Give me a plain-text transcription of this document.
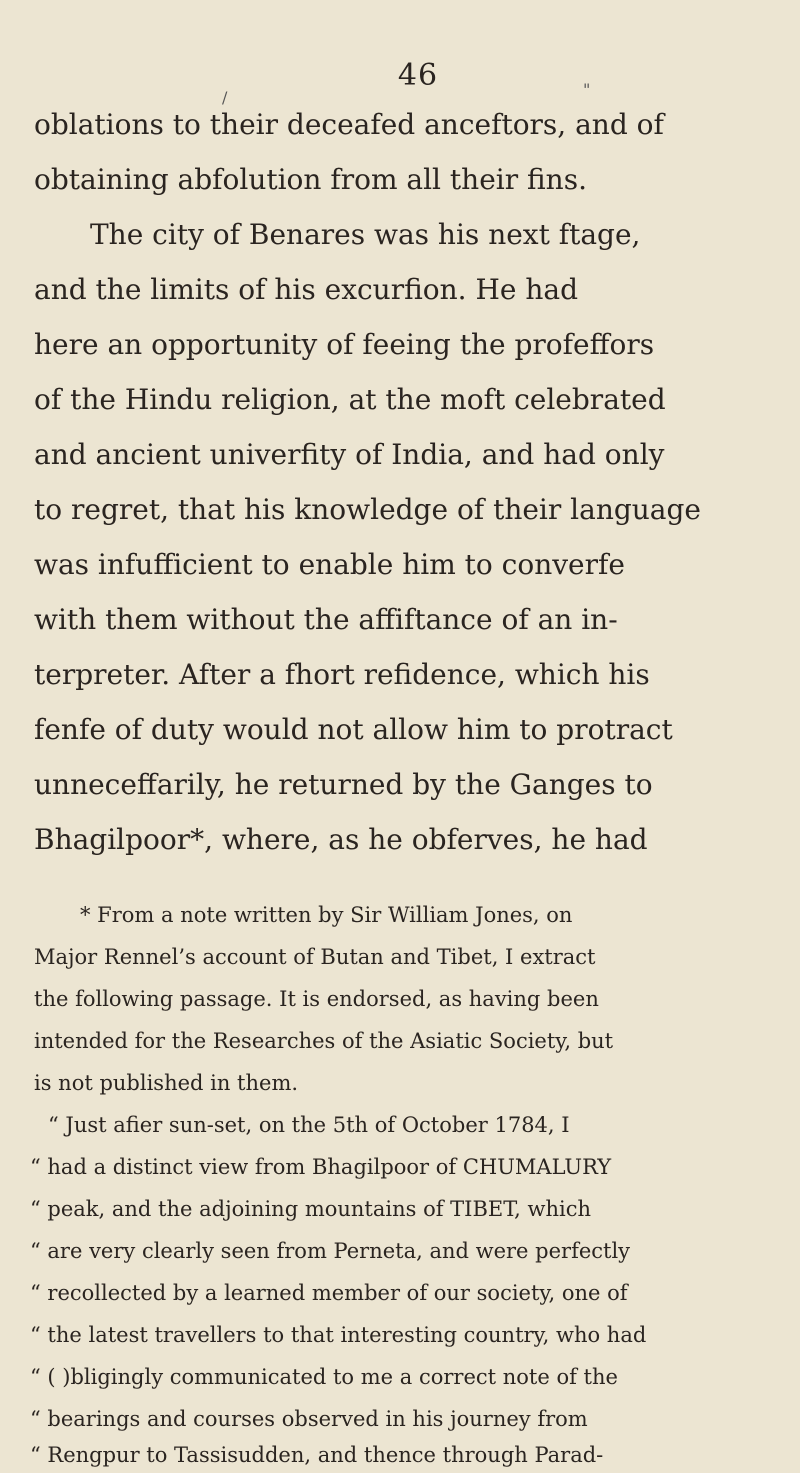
46
/	"
oblations to their deceafed anceftors, and of
obtaining abfolution from all their fins.
The city of Benares was his next ftage,
and the limits of his excurfion. He had
here an opportunity of feeing the profeffors
of the Hindu religion, at the moft celebrated
and ancient univerfity of India, and had only
to regret, that his knowledge of their language
was infufficient to enable him to converfe
with them without the affiftance of an in-
terpreter. After a fhort refidence, which his
fenfe of duty would not allow him to protract
unneceffarily, he returned by the Ganges to
Bhagilpoor*, where, as he obferves, he had
* From a note written by Sir William Jones, on
Major Rennel’s account of Butan and Tibet, I extract
the following passage. It is endorsed, as having been
intended for the Researches of the Asiatic Society, but
is not published in them.
“ Just afier sun-set, on the 5th of October 1784, I
“ had a distinct view from Bhagilpoor of CHUMALURY
“ peak, and the adjoining mountains of TIBET, which
“ are very clearly seen from Perneta, and were perfectly
“ recollected by a learned member of our society, one of
“ the latest travellers to that interesting country, who had
“ ( )bligingly communicated to me a correct note of the
“ bearings and courses observed in his journey from
“ Rengpur to Tassisudden, and thence through Parad-
